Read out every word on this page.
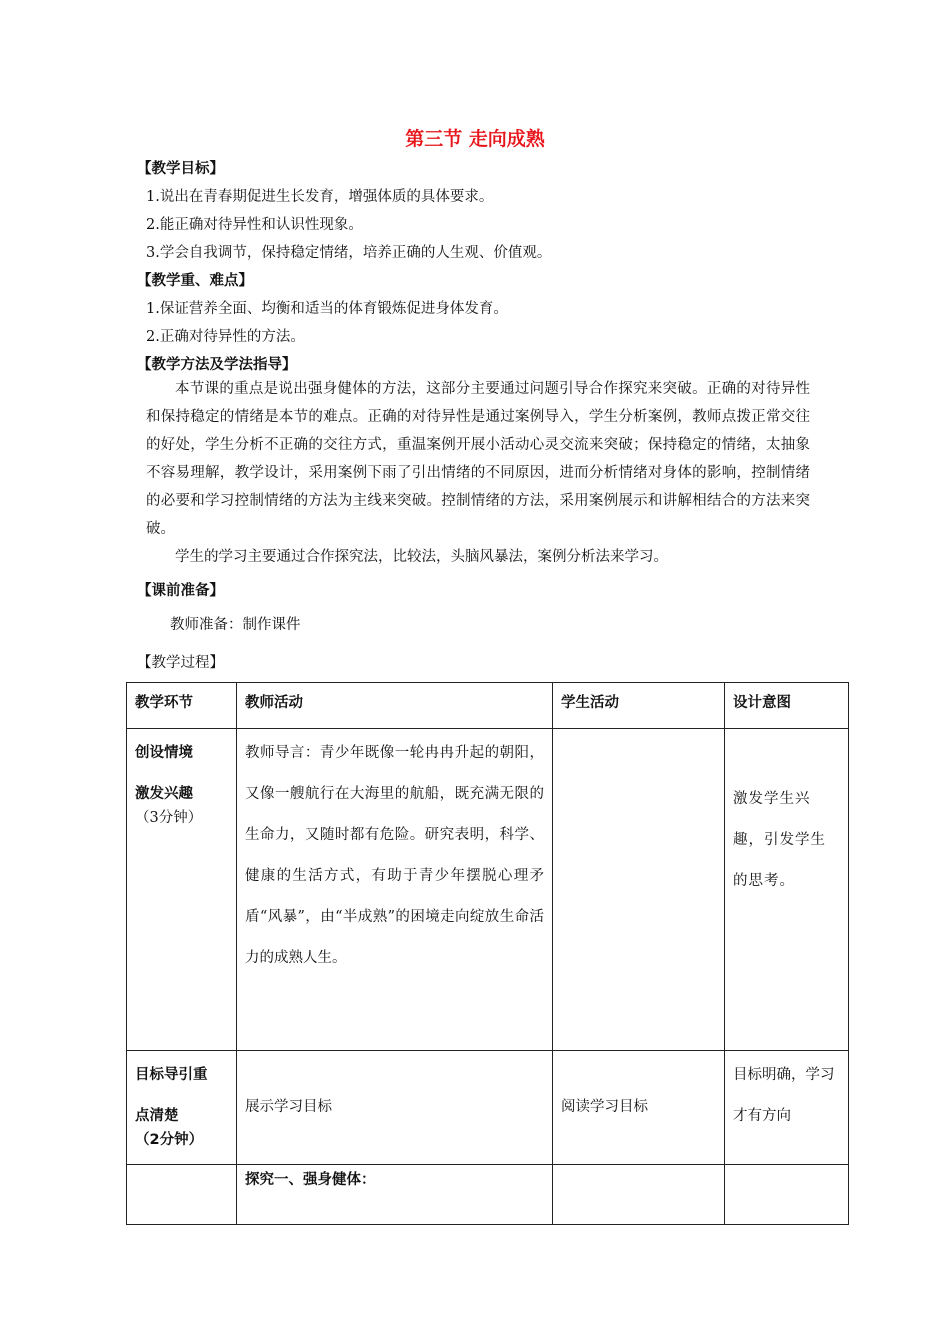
第三节 走向成熟
【教学目标】
1.说出在青春期促进生长发育，增强体质的具体要求。
2.能正确对待异性和认识性现象。
3.学会自我调节，保持稳定情绪，培养正确的人生观、价值观。
【教学重、难点】
1.保证营养全面、均衡和适当的体育锻炼促进身体发育。
2.正确对待异性的方法。
【教学方法及学法指导】
本节课的重点是说出强身健体的方法，这部分主要通过问题引导合作探究来突破。正确的对待异性和保持稳定的情绪是本节的难点。正确的对待异性是通过案例导入，学生分析案例，教师点拨正常交往的好处，学生分析不正确的交往方式，重温案例开展小活动心灵交流来突破；保持稳定的情绪，太抽象不容易理解，教学设计，采用案例下雨了引出情绪的不同原因，进而分析情绪对身体的影响，控制情绪的必要和学习控制情绪的方法为主线来突破。控制情绪的方法，采用案例展示和讲解相结合的方法来突破。
学生的学习主要通过合作探究法，比较法，头脑风暴法，案例分析法来学习。
【课前准备】
教师准备：制作课件
【教学过程】
教学环节	教师活动	学生活动	设计意图

创设情境
激发兴趣
（3分钟）	教师导言：青少年既像一轮冉冉升起的朝阳，又像一艘航行在大海里的航船，既充满无限的生命力，又随时都有危险。研究表明，科学、健康的生活方式，有助于青少年摆脱心理矛盾“风暴”，由“半成熟”的困境走向绽放生命活力的成熟人生。		激发学生兴趣，引发学生的思考。

目标导引重
点清楚
（2分钟）	展示学习目标	阅读学习目标	目标明确，学习才有方向
	探究一、强身健体：		
